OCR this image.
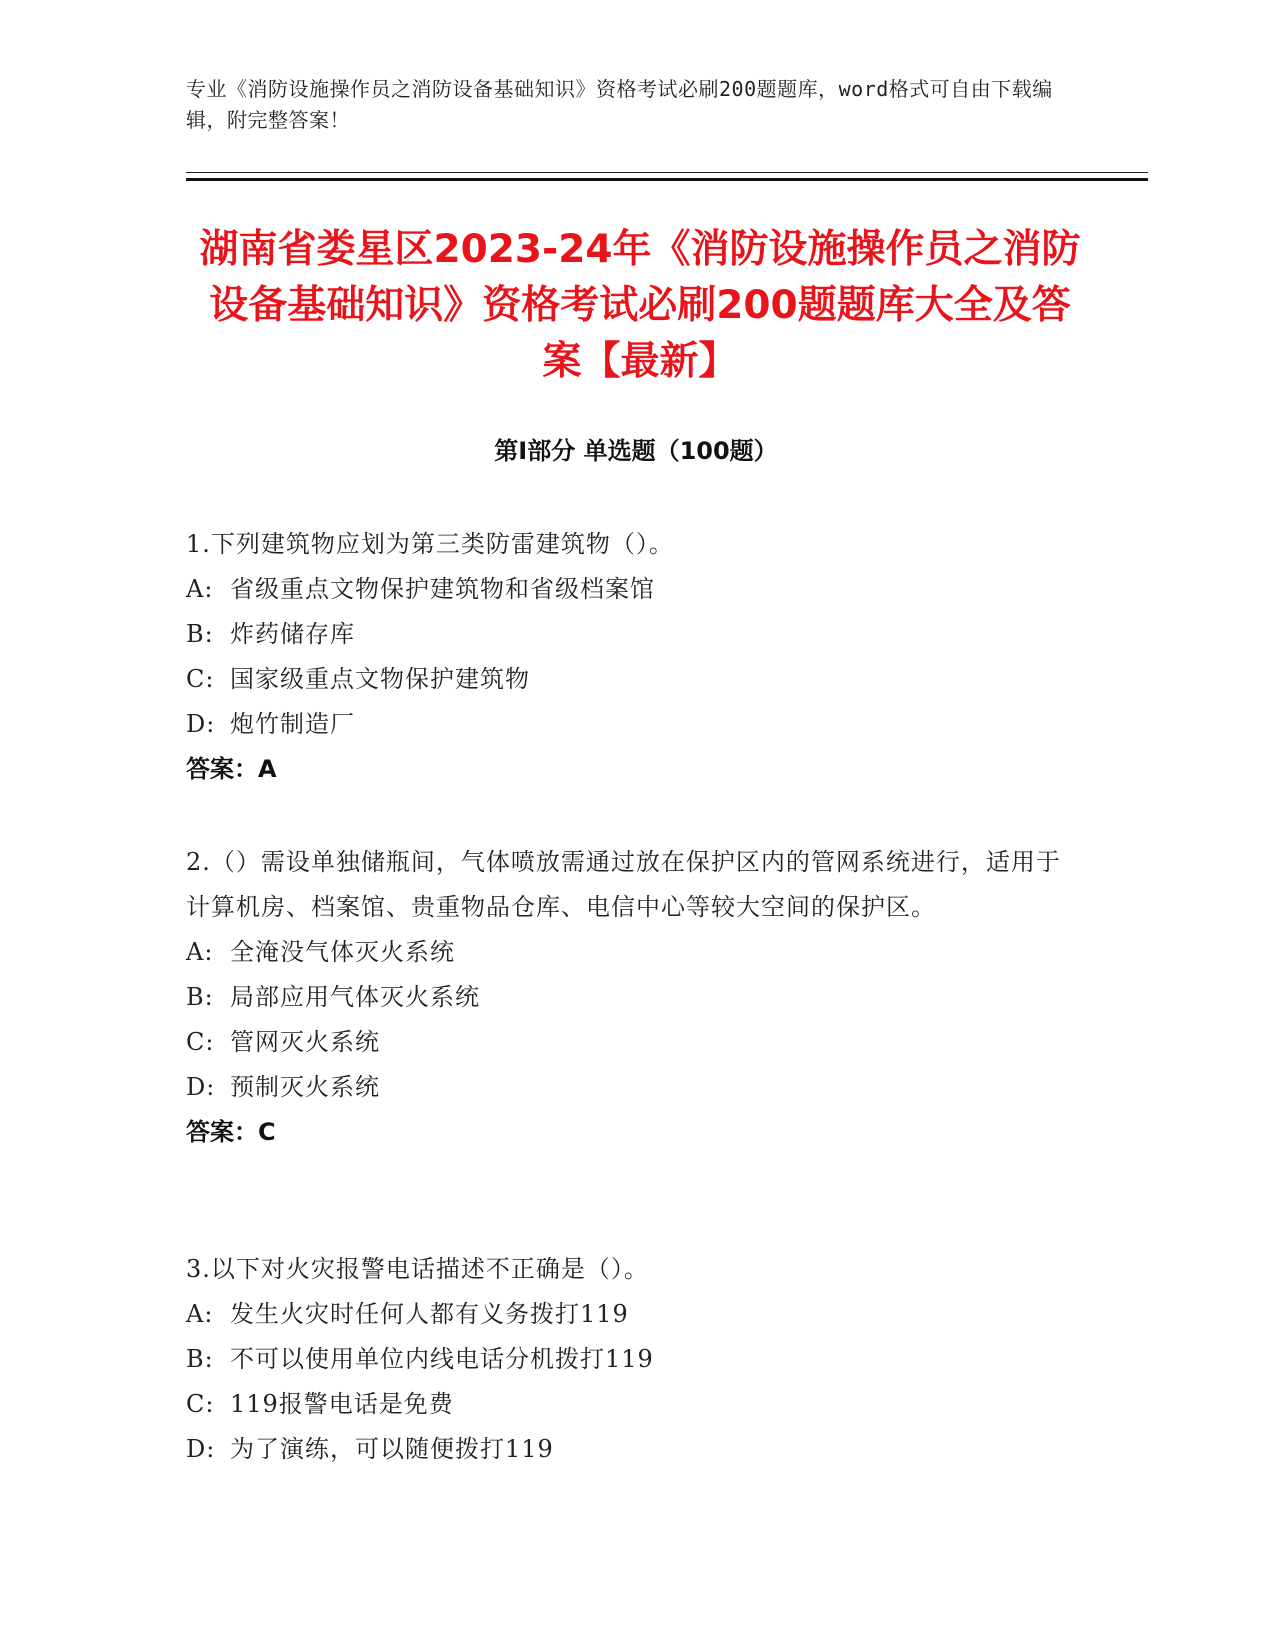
专业《消防设施操作员之消防设备基础知识》资格考试必刷200题题库，word格式可自由下载编辑，附完整答案！
湖南省娄星区2023-24年《消防设施操作员之消防设备基础知识》资格考试必刷200题题库大全及答案【最新】
第I部分 单选题（100题）
1.下列建筑物应划为第三类防雷建筑物（）。
A: 省级重点文物保护建筑物和省级档案馆
B: 炸药储存库
C: 国家级重点文物保护建筑物
D: 炮竹制造厂
答案：A
2.（）需设单独储瓶间，气体喷放需通过放在保护区内的管网系统进行，适用于计算机房、档案馆、贵重物品仓库、电信中心等较大空间的保护区。
A: 全淹没气体灭火系统
B: 局部应用气体灭火系统
C: 管网灭火系统
D: 预制灭火系统
答案：C
3.以下对火灾报警电话描述不正确是（）。
A: 发生火灾时任何人都有义务拨打119
B: 不可以使用单位内线电话分机拨打119
C: 119报警电话是免费
D: 为了演练，可以随便拨打119
